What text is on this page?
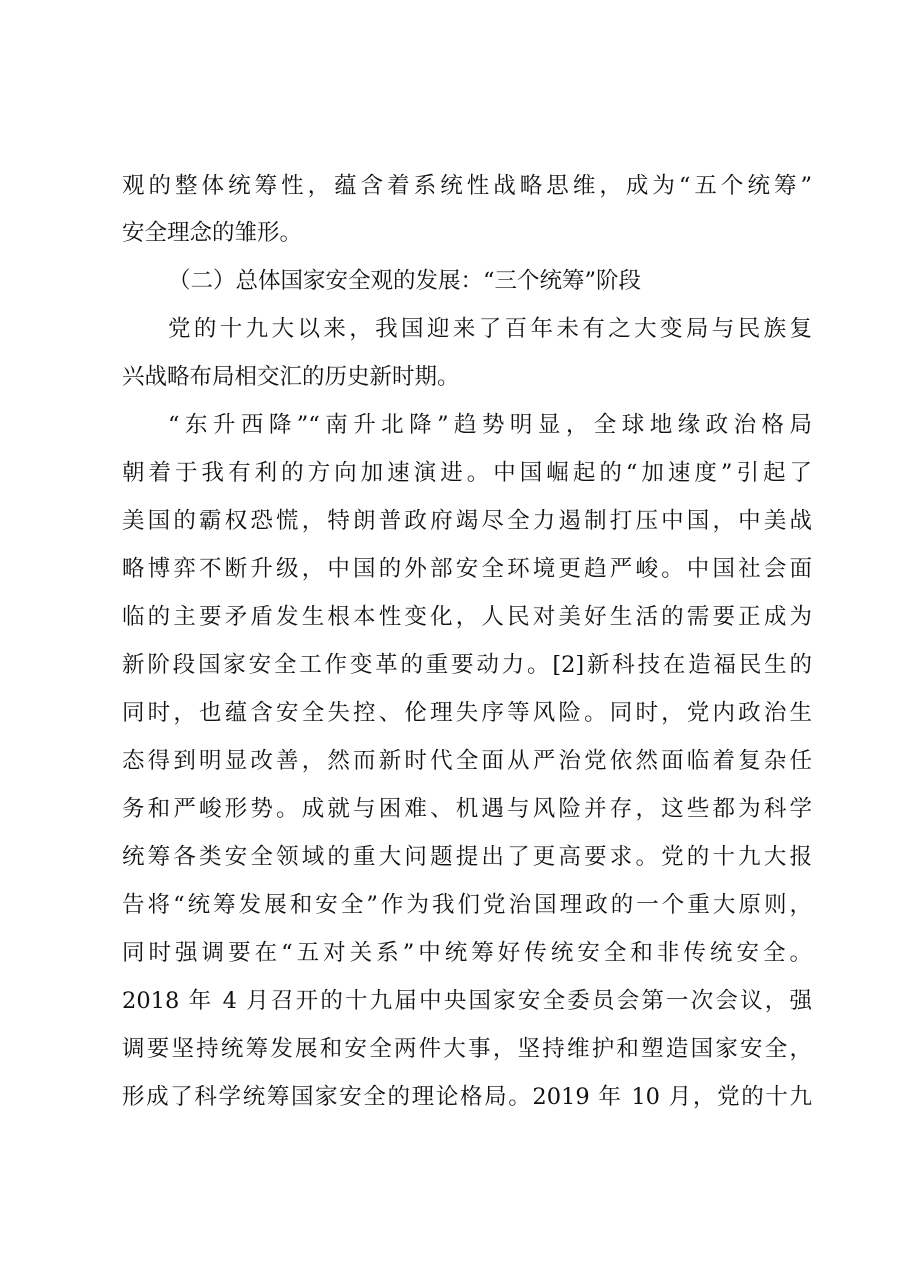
观的整体统筹性，蕴含着系统性战略思维，成为“五个统筹”
安全理念的雏形。
（二）总体国家安全观的发展：“三个统筹”阶段
党的十九大以来，我国迎来了百年未有之大变局与民族复
兴战略布局相交汇的历史新时期。
“东升西降”“南升北降”趋势明显，全球地缘政治格局
朝着于我有利的方向加速演进。中国崛起的“加速度”引起了
美国的霸权恐慌，特朗普政府竭尽全力遏制打压中国，中美战
略博弈不断升级，中国的外部安全环境更趋严峻。中国社会面
临的主要矛盾发生根本性变化，人民对美好生活的需要正成为
新阶段国家安全工作变革的重要动力。[2]新科技在造福民生的
同时，也蕴含安全失控、伦理失序等风险。同时，党内政治生
态得到明显改善，然而新时代全面从严治党依然面临着复杂任
务和严峻形势。成就与困难、机遇与风险并存，这些都为科学
统筹各类安全领域的重大问题提出了更高要求。党的十九大报
告将“统筹发展和安全”作为我们党治国理政的一个重大原则，
同时强调要在“五对关系”中统筹好传统安全和非传统安全。
2018 年 4 月召开的十九届中央国家安全委员会第一次会议，强
调要坚持统筹发展和安全两件大事，坚持维护和塑造国家安全，
形成了科学统筹国家安全的理论格局。2019 年 10 月，党的十九
